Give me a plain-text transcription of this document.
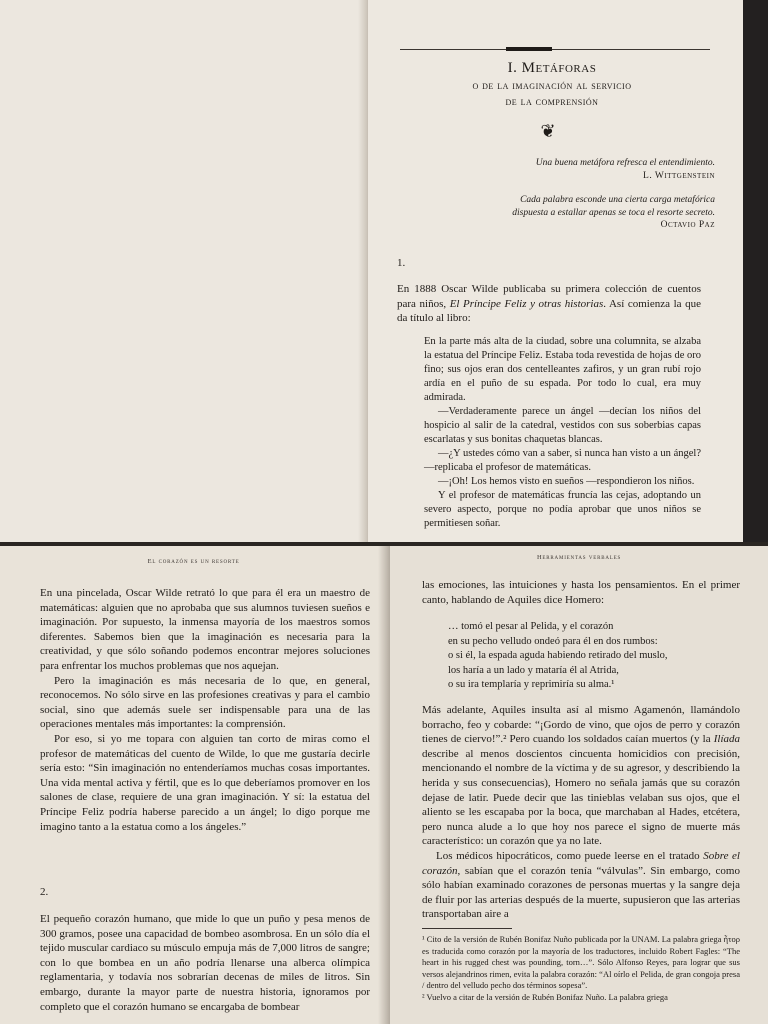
I. Metáforas
o de la imaginación al servicio
de la comprensión
❦
Una buena metáfora refresca el entendimiento.
L. Wittgenstein
Cada palabra esconde una cierta carga metafórica
dispuesta a estallar apenas se toca el resorte secreto.
Octavio Paz
1.

En 1888 Oscar Wilde publicaba su primera colección de cuentos para niños, El Príncipe Feliz y otras historias. Así comienza la que da título al libro:

En la parte más alta de la ciudad, sobre una columnita, se alzaba la estatua del Príncipe Feliz. Estaba toda revestida de hojas de oro fino; sus ojos eran dos centelleantes zafiros, y un gran rubí rojo ardía en el puño de su espada. Por todo lo cual, era muy admirada.

—Verdaderamente parece un ángel —decían los niños del hospicio al salir de la catedral, vestidos con sus soberbias capas escarlatas y sus bonitas chaquetas blancas.

—¿Y ustedes cómo van a saber, si nunca han visto a un ángel? —replicaba el profesor de matemáticas.

—¡Oh! Los hemos visto en sueños —respondieron los niños.

Y el profesor de matemáticas fruncía las cejas, adoptando un severo aspecto, porque no podía aprobar que unos niños se permitiesen soñar.

El corazón es un resorte

En una pincelada, Oscar Wilde retrató lo que para él era un maestro de matemáticas: alguien que no aprobaba que sus alumnos tuviesen sueños e imaginación. Por supuesto, la inmensa mayoría de los maestros somos diferentes. Sabemos bien que la imaginación es necesaria para la creatividad, y que sólo soñando podemos encontrar mejores soluciones para enfrentar los muchos problemas que nos aquejan.

Pero la imaginación es más necesaria de lo que, en general, reconocemos. No sólo sirve en las profesiones creativas y para el cambio social, sino que además suele ser indispensable para una de las operaciones mentales más importantes: la comprensión.

Por eso, si yo me topara con alguien tan corto de miras como el profesor de matemáticas del cuento de Wilde, lo que me gustaría decirle sería esto: “Sin imaginación no entenderíamos muchas cosas importantes. Una vida mental activa y fértil, que es lo que deberíamos promover en los salones de clase, requiere de una gran imaginación. Y sí: la estatua del Príncipe Feliz podría haberse parecido a un ángel; lo digo porque me imagino tanto a la estatua como a los ángeles.”

2.

El pequeño corazón humano, que mide lo que un puño y pesa menos de 300 gramos, posee una capacidad de bombeo asombrosa. En un sólo día el tejido muscular cardiaco su músculo empuja más de 7,000 litros de sangre; con lo que bombea en un año podría llenarse una alberca olímpica reglamentaria, y todavía nos sobrarían decenas de miles de litros. Sin embargo, durante la mayor parte de nuestra historia, ignoramos por completo que el corazón humano se encargaba de bombear

Herramientas verbales

las emociones, las intuiciones y hasta los pensamientos. En el primer canto, hablando de Aquiles dice Homero:

… tomó el pesar al Pelida, y el corazón
en su pecho velludo ondeó para él en dos rumbos:
o si él, la espada aguda habiendo retirado del muslo,
los haría a un lado y mataría él al Atrida,
o su ira templaría y reprimiría su alma.¹

Más adelante, Aquiles insulta así al mismo Agamenón, llamándolo borracho, feo y cobarde: “¡Gordo de vino, que ojos de perro y corazón tienes de ciervo!”.² Pero cuando los soldados caían muertos (y la Ilíada describe al menos doscientos cincuenta homicidios con precisión, mencionando el nombre de la víctima y de su agresor, y describiendo la herida y sus consecuencias), Homero no señala jamás que su corazón dejase de latir. Puede decir que las tinieblas velaban sus ojos, que el aliento se les escapaba por la boca, que marchaban al Hades, etcétera, pero nunca alude a lo que hoy nos parece el signo de muerte más característico: un corazón que ya no late.

Los médicos hipocráticos, como puede leerse en el tratado Sobre el corazón, sabían que el corazón tenía “válvulas”. Sin embargo, como sólo habían examinado corazones de personas muertas y la sangre deja de fluir por las arterias después de la muerte, supusieron que las arterias transportaban aire a

¹ Cito de la versión de Rubén Bonifaz Nuño publicada por la UNAM. La palabra griega ἦτορ es traducida como corazón por la mayoría de los traductores, incluido Robert Fagles: “The heart in his rugged chest was pounding, torn…”. Sólo Alfonso Reyes, para lograr que sus versos alejandrinos rimen, evita la palabra corazón: “Al oírlo el Pelida, de gran congoja presa / dentro del velludo pecho dos términos sopesa”.

² Vuelvo a citar de la versión de Rubén Bonifaz Nuño. La palabra griega
